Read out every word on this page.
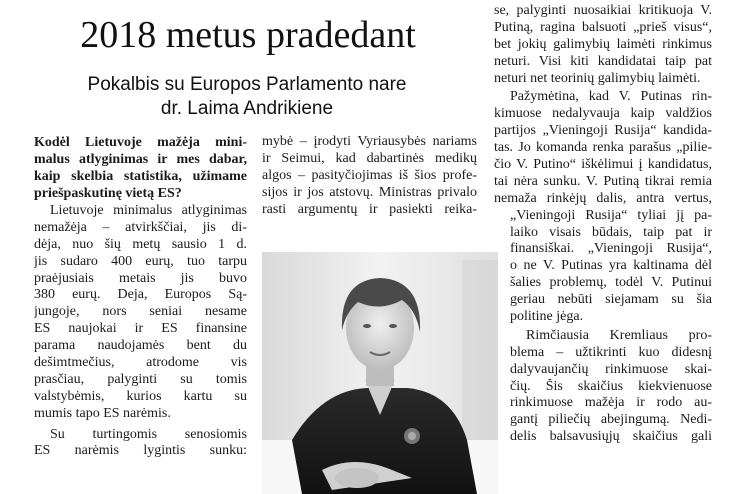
2018 metus pradedant
Pokalbis su Europos Parlamento nare
dr. Laima Andrikiene
Kodėl Lietuvoje mažėja mini-
malus atlyginimas ir mes dabar,
kaip skelbia statistika, užimame
priešpaskutinę vietą ES?
Lietuvoje minimalus atlyginimas
nemažėja – atvirkščiai, jis di-
dėja, nuo šių metų sausio 1 d.
jis sudaro 400 eurų, tuo tarpu
praėjusiais metais jis buvo
380 eurų. Deja, Europos Są-
jungoje, nors seniai nesame
ES naujokai ir ES finansine
parama naudojamės bent du
dešimtmečius, atrodome vis
prasčiau, palyginti su tomis
valstybėmis, kurios kartu su
mumis tapo ES narėmis.
Su turtingomis senosiomis
ES narėmis lygintis sunku:
mybė – įrodyti Vyriausybės nariams
ir Seimui, kad dabartinės medikų
algos – pasityčiojimas iš šios profe-
sijos ir jos atstovų. Ministras privalo
rasti argumentų ir pasiekti reika-
se, palyginti nuosaikiai kritikuoja V.
Putiną, ragina balsuoti „prieš visus“,
bet jokių galimybių laimėti rinkimus
neturi. Visi kiti kandidatai taip pat
neturi net teorinių galimybių laimėti.
Pažymėtina, kad V. Putinas rin-
kimuose nedalyvauja kaip valdžios
partijos „Vieningoji Rusija“ kandida-
tas. Jo komanda renka parašus „pilie-
čio V. Putino“ iškėlimui į kandidatus,
tai nėra sunku. V. Putiną tikrai remia
nemaža rinkėjų dalis, antra vertus,
„Vieningoji Rusija“ tyliai jį pa-
laiko visais būdais, taip pat ir
finansiškai. „Vieningoji Rusija“,
o ne V. Putinas yra kaltinama dėl
šalies problemų, todėl V. Putinui
geriau nebūti siejamam su šia
politine jėga.
Rimčiausia Kremliaus pro-
blema – užtikrinti kuo didesnį
dalyvaujančių rinkimuose skai-
čių. Šis skaičius kiekvienuose
rinkimuose mažėja ir rodo au-
gantį piliečių abejingumą. Nedi-
delis balsavusiųjų skaičius gali
